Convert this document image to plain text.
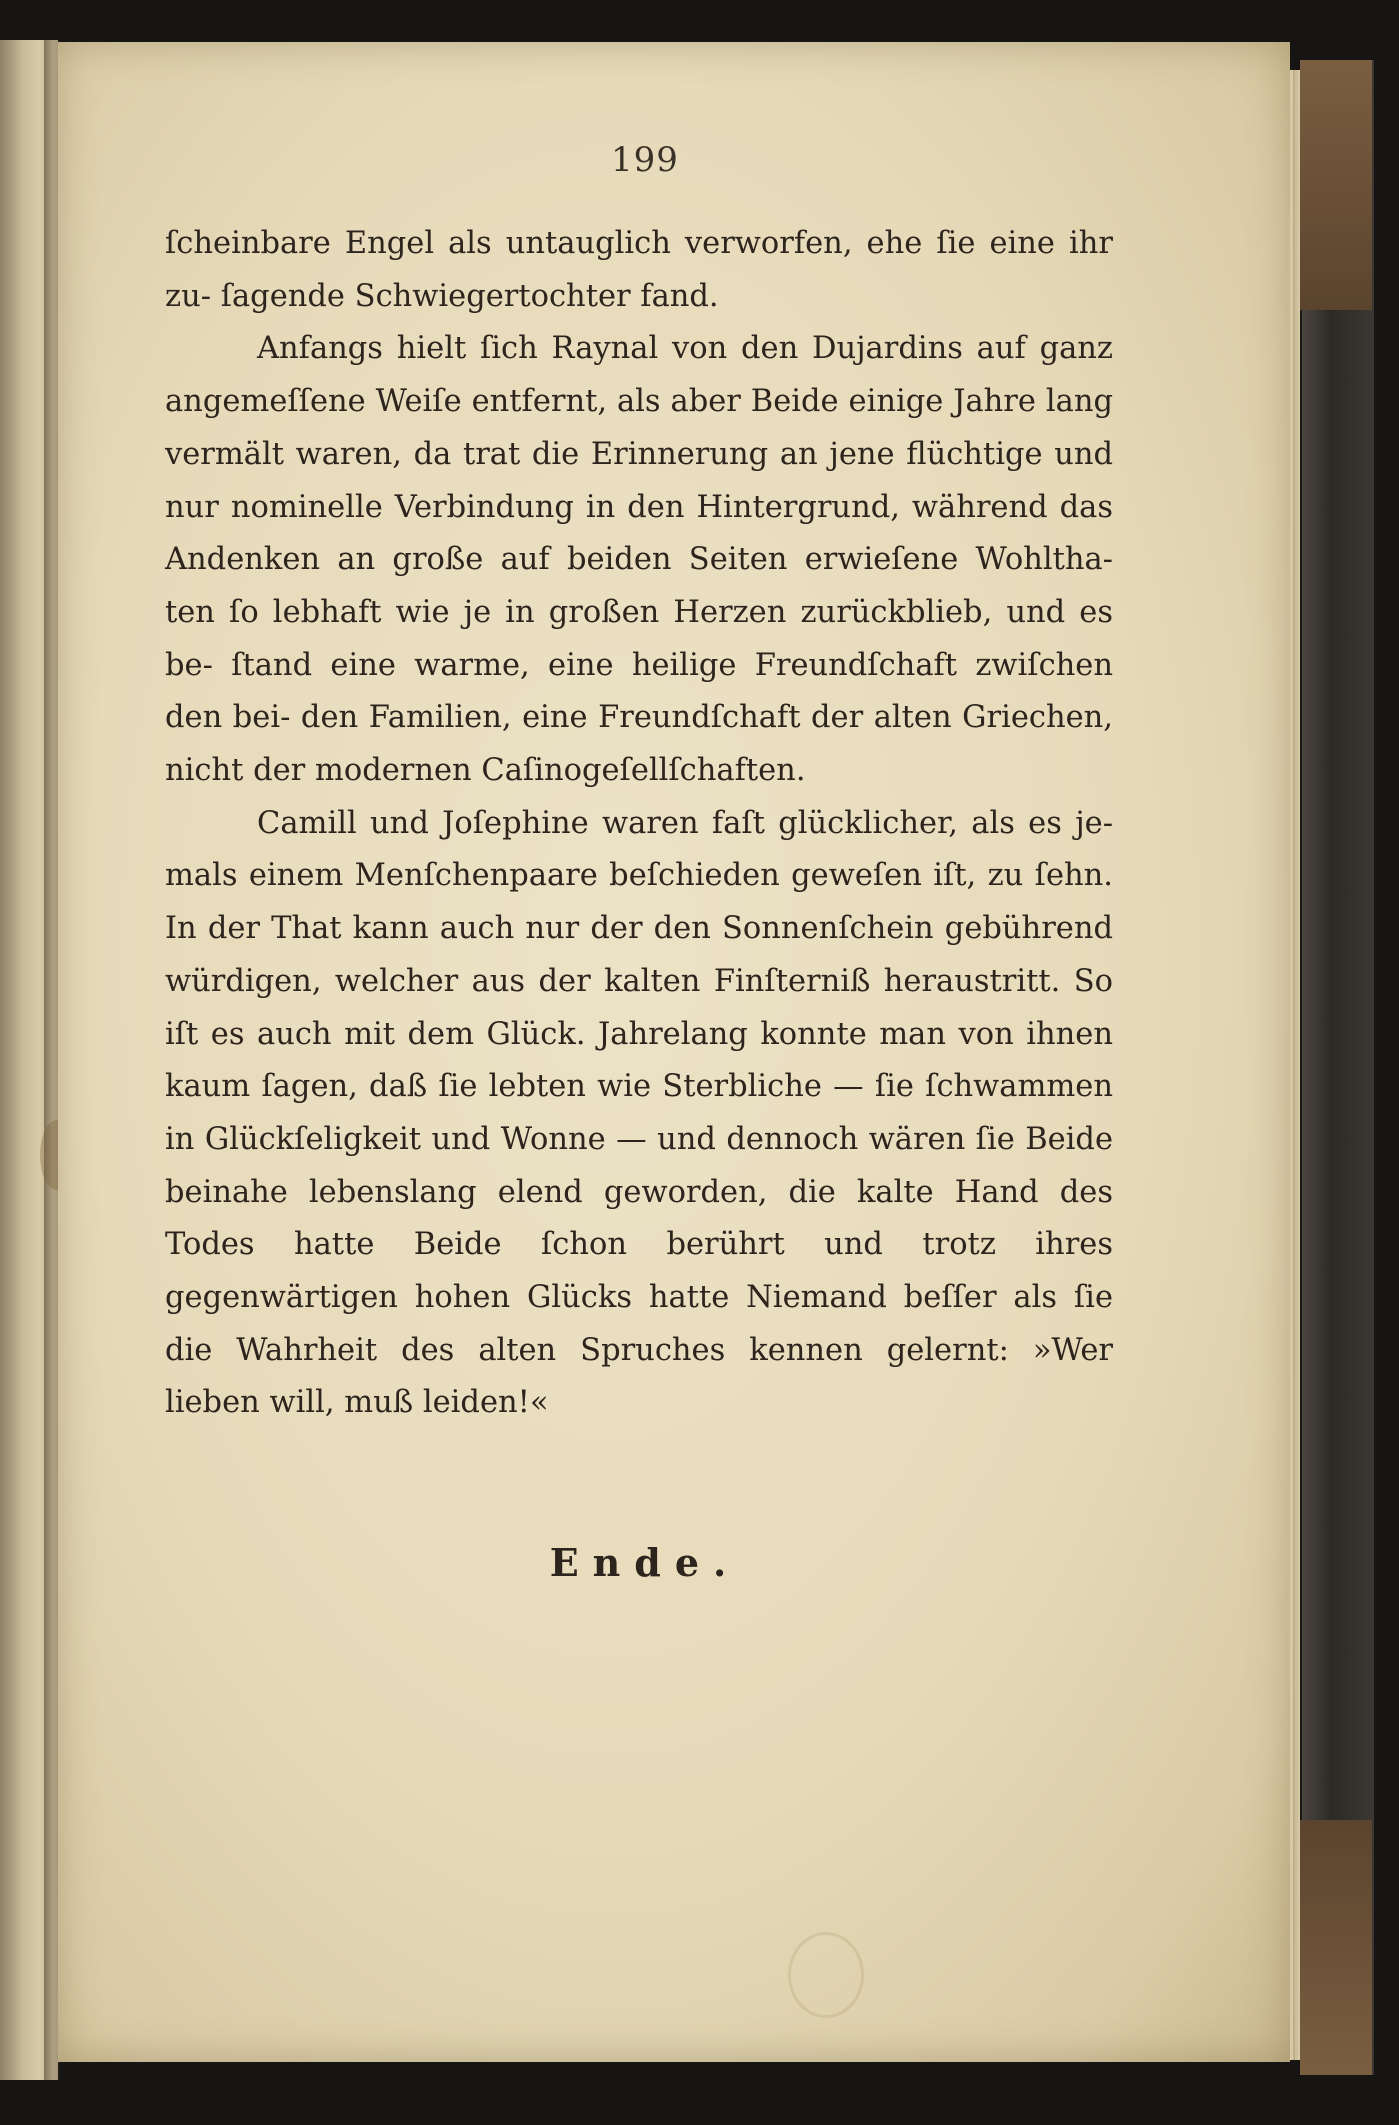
199

ſcheinbare Engel als untauglich verworfen, ehe ſie eine ihr zu- ſagende Schwiegertochter fand.

Anfangs hielt ſich Raynal von den Dujardins auf ganz angemeſſene Weiſe entfernt, als aber Beide einige Jahre lang vermält waren, da trat die Erinnerung an jene flüchtige und nur nominelle Verbindung in den Hintergrund, während das Andenken an große auf beiden Seiten erwieſene Wohltha- ten ſo lebhaft wie je in großen Herzen zurückblieb, und es be- ſtand eine warme, eine heilige Freundſchaft zwiſchen den bei- den Familien, eine Freundſchaft der alten Griechen, nicht der modernen Caſinogeſellſchaften.

Camill und Joſephine waren faſt glücklicher, als es je- mals einem Menſchenpaare beſchieden geweſen iſt, zu ſehn. In der That kann auch nur der den Sonnenſchein gebührend würdigen, welcher aus der kalten Finſterniß heraustritt. So iſt es auch mit dem Glück. Jahrelang konnte man von ihnen kaum ſagen, daß ſie lebten wie Sterbliche — ſie ſchwammen in Glückſeligkeit und Wonne — und dennoch wären ſie Beide beinahe lebenslang elend geworden, die kalte Hand des Todes hatte Beide ſchon berührt und trotz ihres gegenwärtigen hohen Glücks hatte Niemand beſſer als ſie die Wahrheit des alten Spruches kennen gelernt: »Wer lieben will, muß leiden!«

Ende.
